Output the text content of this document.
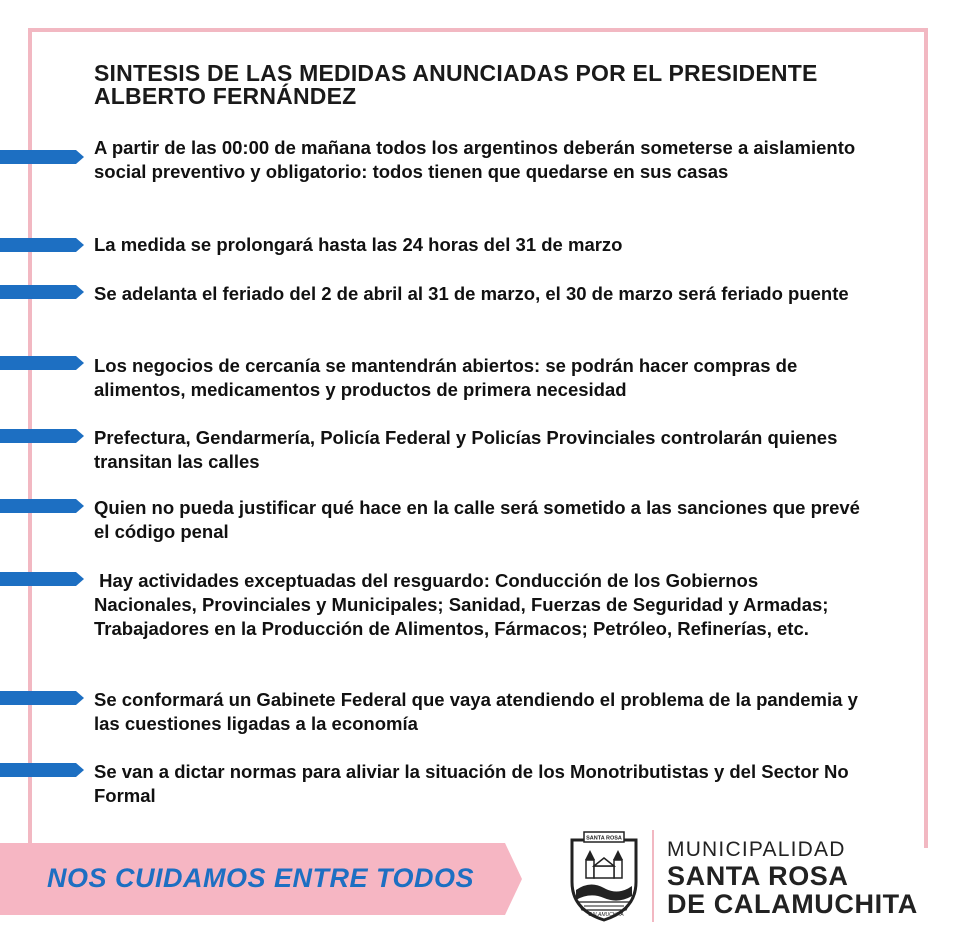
SINTESIS DE LAS MEDIDAS ANUNCIADAS POR EL PRESIDENTE ALBERTO FERNÁNDEZ

A partir de las 00:00 de mañana todos los argentinos deberán someterse a aislamiento social preventivo y obligatorio: todos tienen que quedarse en sus casas

La medida se prolongará hasta las 24 horas del 31 de marzo

Se adelanta el feriado del 2 de abril al 31 de marzo, el 30 de marzo será feriado puente

Los negocios de cercanía se mantendrán abiertos: se podrán hacer compras de alimentos, medicamentos y productos de primera necesidad

Prefectura, Gendarmería, Policía Federal y Policías Provinciales controlarán quienes transitan las calles

Quien no pueda justificar qué hace en la calle será sometido a las sanciones que prevé el código penal

Hay actividades exceptuadas del resguardo: Conducción de los Gobiernos Nacionales, Provinciales y Municipales; Sanidad, Fuerzas de Seguridad y Armadas; Trabajadores en la Producción de Alimentos, Fármacos; Petróleo, Refinerías, etc.

Se conformará un Gabinete Federal que vaya atendiendo el problema de la pandemia y las cuestiones ligadas a la economía

Se van a dictar normas para aliviar la situación de los Monotributistas y del Sector No Formal

NOS CUIDAMOS ENTRE TODOS
SANTA ROSA
CALAMUCHITA
MUNICIPALIDAD
SANTA ROSA
DE CALAMUCHITA
